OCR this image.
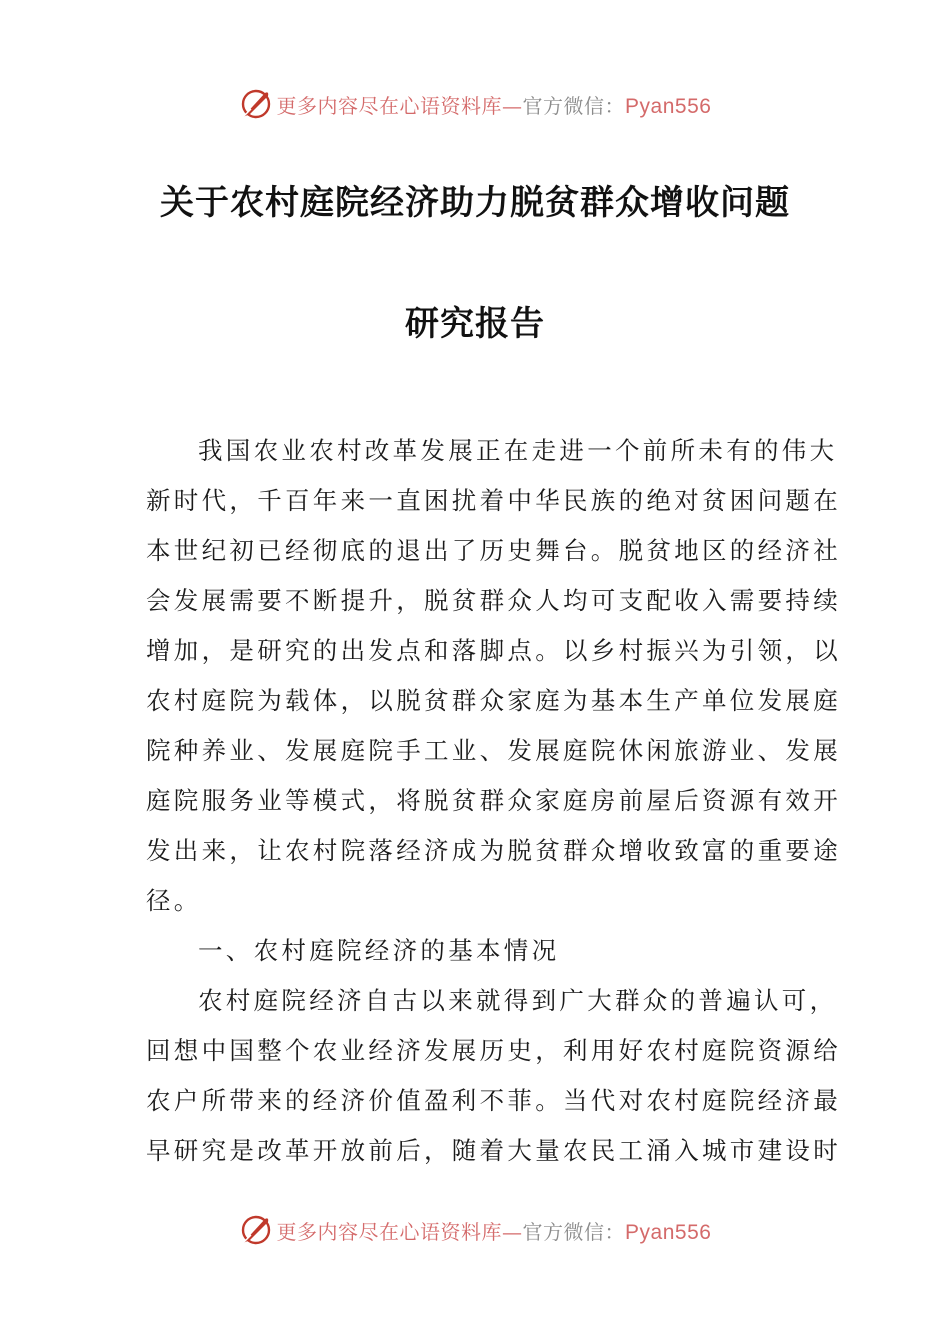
更多内容尽在心语资料库—官方微信：Pyan556
关于农村庭院经济助力脱贫群众增收问题
研究报告
我国农业农村改革发展正在走进一个前所未有的伟大
新时代，千百年来一直困扰着中华民族的绝对贫困问题在
本世纪初已经彻底的退出了历史舞台。脱贫地区的经济社
会发展需要不断提升，脱贫群众人均可支配收入需要持续
增加，是研究的出发点和落脚点。以乡村振兴为引领，以
农村庭院为载体，以脱贫群众家庭为基本生产单位发展庭
院种养业、发展庭院手工业、发展庭院休闲旅游业、发展
庭院服务业等模式，将脱贫群众家庭房前屋后资源有效开
发出来，让农村院落经济成为脱贫群众增收致富的重要途
径。
一、农村庭院经济的基本情况
农村庭院经济自古以来就得到广大群众的普遍认可，
回想中国整个农业经济发展历史，利用好农村庭院资源给
农户所带来的经济价值盈利不菲。当代对农村庭院经济最
早研究是改革开放前后，随着大量农民工涌入城市建设时
更多内容尽在心语资料库—官方微信：Pyan556
